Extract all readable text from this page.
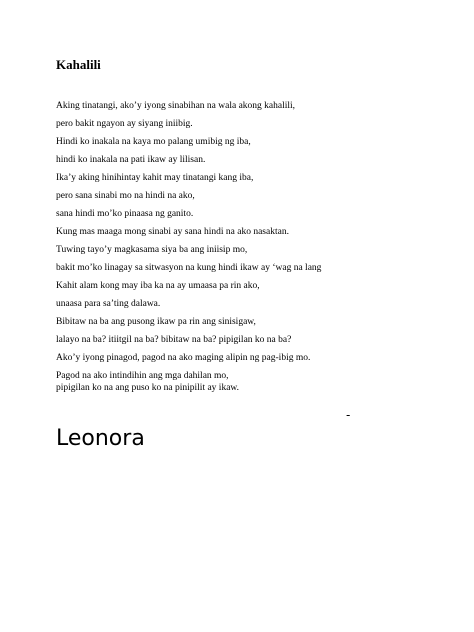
Kahalili

Aking tinatangi, ako’y iyong sinabihan na wala akong kahalili,

pero bakit ngayon ay siyang iniibig.

Hindi ko inakala na kaya mo palang umibig ng iba,

hindi ko inakala na pati ikaw ay lilisan.

Ika’y aking hinihintay kahit may tinatangi kang iba,

pero sana sinabi mo na hindi na ako,

sana hindi mo’ko pinaasa ng ganito.

Kung mas maaga mong sinabi ay sana hindi na ako nasaktan.

Tuwing tayo’y magkasama siya ba ang iniisip mo,

bakit mo’ko linagay sa sitwasyon na kung hindi ikaw ay ‘wag na lang

Kahit alam kong may iba ka na ay umaasa pa rin ako,

unaasa para sa’ting dalawa.

Bibitaw na ba ang pusong ikaw pa rin ang sinisigaw,

lalayo na ba? itiitgil na ba? bibitaw na ba? pipigilan ko na ba?

Ako’y iyong pinagod, pagod na ako maging alipin ng pag-ibig mo.

Pagod na ako intindihin ang mga dahilan mo,
pipigilan ko na ang puso ko na pinipilit ay ikaw.

-
Leonora
